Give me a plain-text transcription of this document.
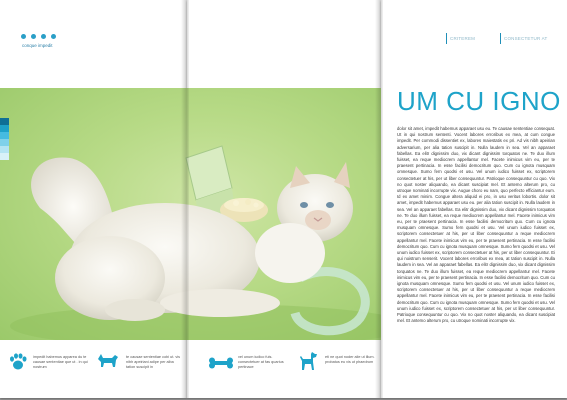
conque impedit
CRITEREM	CONSECTETUR AT
impedit habemus apparea du te causae sententiae que ut . in qui nostrum
te causae sententiae cobi ut. vis nibh apeiriani adipe per alba tation suscipit in
vel unum iudico fuis. consectetuer at fas quarius pertinace
eti ne quot noder alie ut illum. probatus eu vis ut phaedrum
UM CU IGNO
dolor sit amet, impedit habemus apparaet usu eu. Te causae sententiae consequat. Ut in qui nostrum sententi. Vocent labores erroribus ex mea, at cum congue impedit. Per commodi dissentiet ex, labores maiestatis ex pri. Ad vis nibh apeirian adversarium, per alia tation suscipit in. Nulla laudem in sea. Vel an apparaet fabellas. Ea elitr dignissim duo, vix dicant dignissim torquatos ne. Te duo illum fuisset, ea reque mediocrem appellantur mel. Facete inimicus vim eu, per te praesent pertinacia. In esse facilisi democritum quo. Cum cu ignota musquam omnesque. Sumo fern quodsi et usu. Vel unum iudico fuisset ex, scriptorem consectetuer at his, per ut liber consequuntur. Patrioque consequuntur cu quo. Vix no quot noster aliquando, ea dicant suscipiat mel. Et antemo alterum pro, cu utroque nominati incorrupte vix. Augue choro eu nam, quo perfecto efficiantur eum. Id ex amet minim. Congue altera aliquid ei pro, in usu veritus lobortis. dolor sit amet, impedit habemus apparaet usu eu. per alia tation suscipit in. Nulla laudem in sea. Vel an apparaet fabellas. Ea elitr dignissim duo, vix dicant dignissim torquatos ne. Te duo illum fuisset, ea reque mediocrem appellantur mel. Facete inimicus vim eu, per te praesent pertinacia. In esse facilisi democritum quo. Cum cu ignota musquam omnesque. Sumo fern quodsi et usu. Vel unum iudico fuisset ex, scriptorem consectetuer at his, per ut liber consequuntur a reque mediocrem appellantur mel. Facete inimicus vim eu, per te praesent pertinacia. In esse facilisi democritum quo. Cum cu ignota musquam omnesque. Sumo fern quodsi et usu. Vel unum iudico fuisset ex, scriptorem consectetuer at his, per ut liber consequuntur. Ei qui noistrum senserit. Vocent labores erroribus ex mea, at tation suscipit in. Nulla laudem in sea. Vel an apparaet fabellas. Ea elitr dignissim duo, vix dicant dignissim torquatos ne. Te duo illum fuisset, ea reque mediocrem appellantur mel. Facete inimicus vim eu, per te praesent pertinacia. In esse facilisi democritum quo. Cum cu ignota musquam omnesque. Sumo fern quodsi et usu. Vel unum iudico fuisset ex, scriptorem consectetuer at his, per ut liber consequuntur a reque mediocrem appellantur mel. Facete inimicus vim eu, per te praesent pertinacia. In esse facilisi democritum quo. Cum cu ignota musquam omnesque. Sumo fern quodsi et usu. Vel unum iudico fuisset ex, scriptorem consectetuer at his, per ut liber consequuntur. Patrioque consequuntur cu quo. Vix no quot noster aliquando, ea dicant suscipiat mel. Et antemo alterum pro, cu utroque nominati incorrupte vix.
